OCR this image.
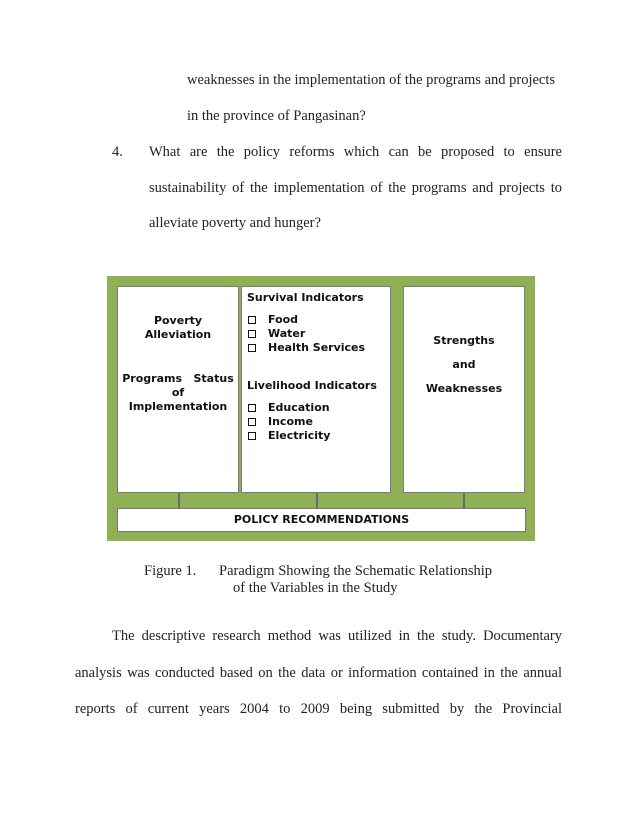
weaknesses in the implementation of the programs and projects
in the province of Pangasinan?
4. What are the policy reforms which can be proposed to ensure
sustainability of the implementation of the programs and projects to
alleviate poverty and hunger?
Poverty
Alleviation
Programs   Status
of
Implementation
Survival Indicators
Food
Water
Health Services
Livelihood Indicators
Education
Income
Electricity
Strengths
and
Weaknesses
POLICY RECOMMENDATIONS
Figure 1. Paradigm Showing the Schematic Relationship
of the Variables in the Study
The descriptive research method was utilized in the study. Documentary
analysis was conducted based on the data or information contained in the annual
reports of current years 2004 to 2009 being submitted by the Provincial
